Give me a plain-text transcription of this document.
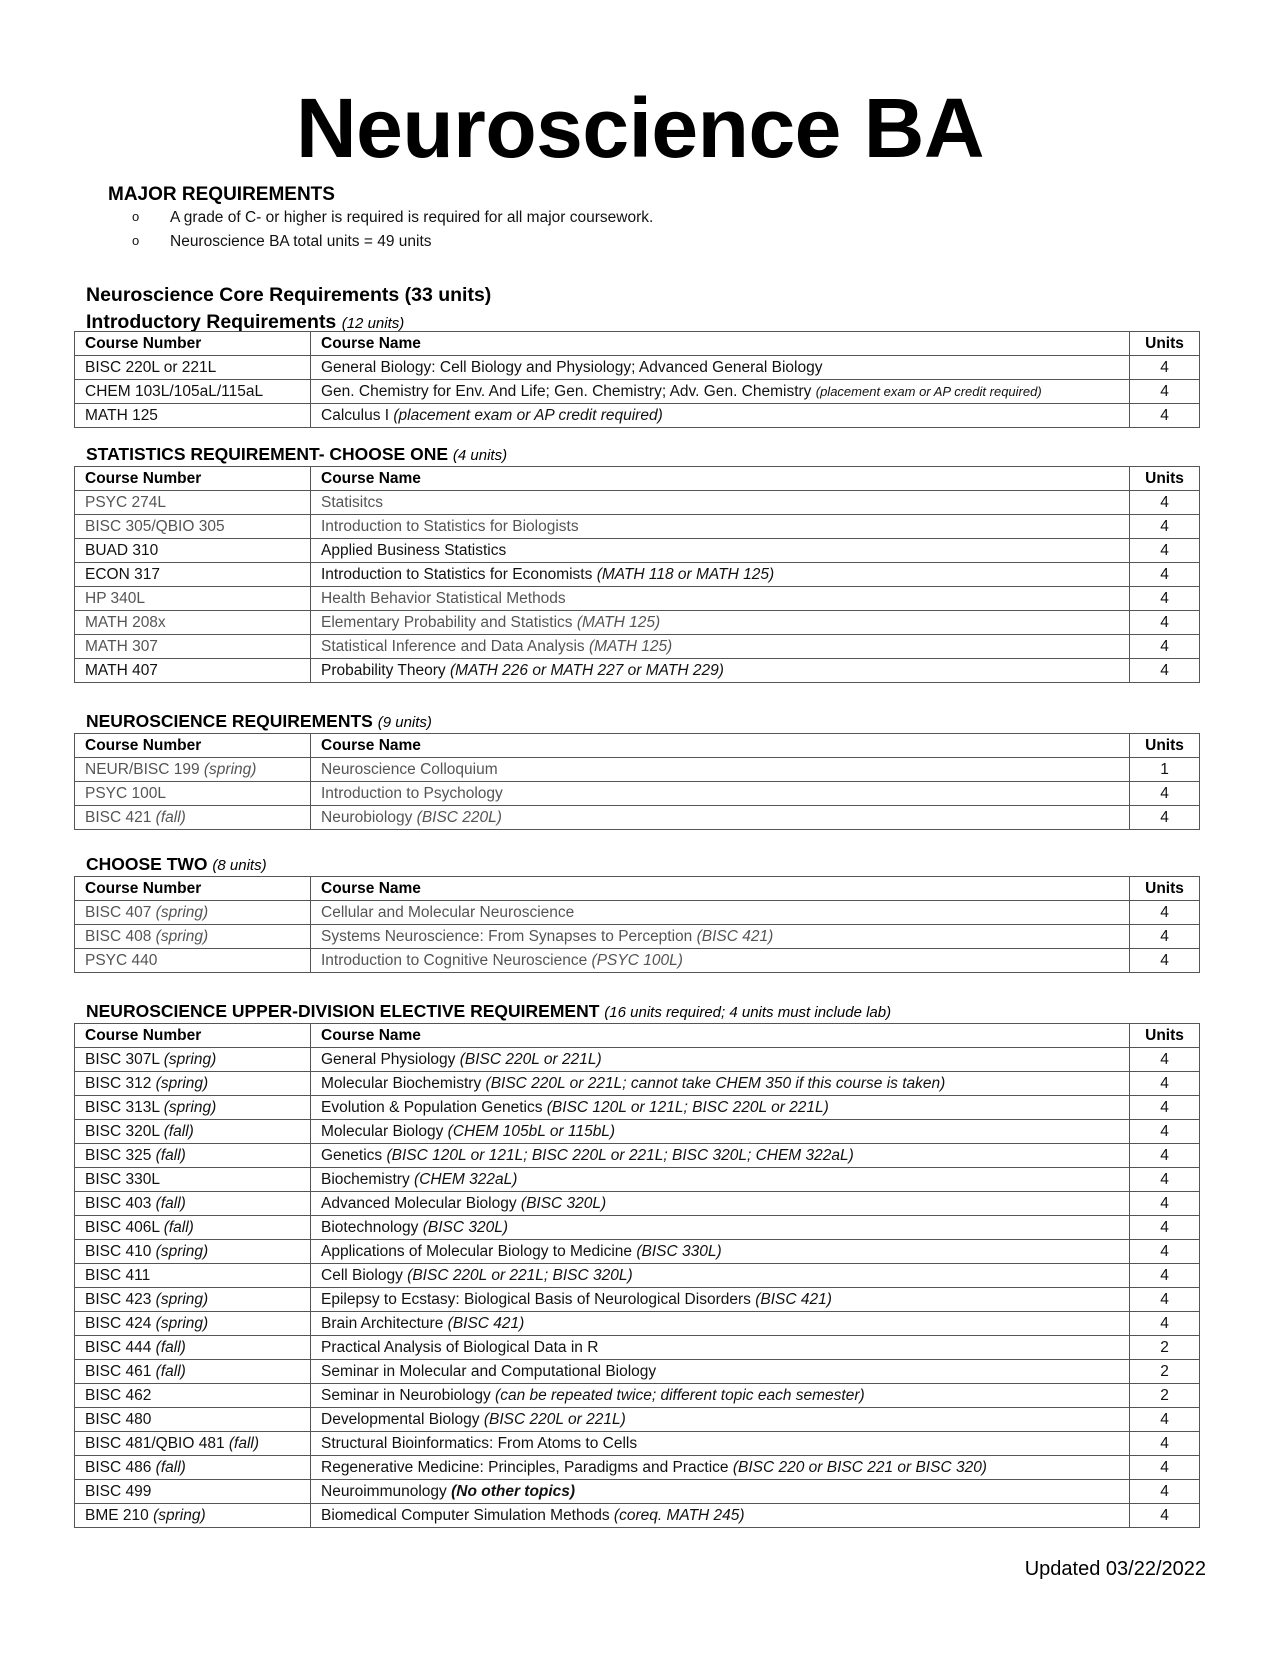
Neuroscience BA
MAJOR REQUIREMENTS
o A grade of C- or higher is required is required for all major coursework.
o Neuroscience BA total units = 49 units
Neuroscience Core Requirements (33 units)
Introductory Requirements (12 units)
Course Number	Course Name	Units
BISC 220L or 221L	General Biology: Cell Biology and Physiology; Advanced General Biology	4
CHEM 103L/105aL/115aL	Gen. Chemistry for Env. And Life; Gen. Chemistry; Adv. Gen. Chemistry (placement exam or AP credit required)	4
MATH 125	Calculus I (placement exam or AP credit required)	4
STATISTICS REQUIREMENT- CHOOSE ONE (4 units)
Course Number	Course Name	Units
PSYC 274L	Statisitcs	4
BISC 305/QBIO 305	Introduction to Statistics for Biologists	4
BUAD 310	Applied Business Statistics	4
ECON 317	Introduction to Statistics for Economists (MATH 118 or MATH 125)	4
HP 340L	Health Behavior Statistical Methods	4
MATH 208x	Elementary Probability and Statistics (MATH 125)	4
MATH 307	Statistical Inference and Data Analysis (MATH 125)	4
MATH 407	Probability Theory (MATH 226 or MATH 227 or MATH 229)	4
NEUROSCIENCE REQUIREMENTS (9 units)
Course Number	Course Name	Units
NEUR/BISC 199 (spring)	Neuroscience Colloquium	1
PSYC 100L	Introduction to Psychology	4
BISC 421 (fall)	Neurobiology (BISC 220L)	4
CHOOSE TWO (8 units)
Course Number	Course Name	Units
BISC 407 (spring)	Cellular and Molecular Neuroscience	4
BISC 408 (spring)	Systems Neuroscience: From Synapses to Perception (BISC 421)	4
PSYC 440	Introduction to Cognitive Neuroscience (PSYC 100L)	4
NEUROSCIENCE UPPER-DIVISION ELECTIVE REQUIREMENT (16 units required; 4 units must include lab)
Course Number	Course Name	Units
BISC 307L (spring)	General Physiology (BISC 220L or 221L)	4
BISC 312 (spring)	Molecular Biochemistry (BISC 220L or 221L; cannot take CHEM 350 if this course is taken)	4
BISC 313L (spring)	Evolution & Population Genetics (BISC 120L or 121L; BISC 220L or 221L)	4
BISC 320L (fall)	Molecular Biology (CHEM 105bL or 115bL)	4
BISC 325 (fall)	Genetics (BISC 120L or 121L; BISC 220L or 221L; BISC 320L; CHEM 322aL)	4
BISC 330L	Biochemistry (CHEM 322aL)	4
BISC 403 (fall)	Advanced Molecular Biology (BISC 320L)	4
BISC 406L (fall)	Biotechnology (BISC 320L)	4
BISC 410 (spring)	Applications of Molecular Biology to Medicine (BISC 330L)	4
BISC 411	Cell Biology (BISC 220L or 221L; BISC 320L)	4
BISC 423 (spring)	Epilepsy to Ecstasy: Biological Basis of Neurological Disorders (BISC 421)	4
BISC 424 (spring)	Brain Architecture (BISC 421)	4
BISC 444 (fall)	Practical Analysis of Biological Data in R	2
BISC 461 (fall)	Seminar in Molecular and Computational Biology	2
BISC 462	Seminar in Neurobiology (can be repeated twice; different topic each semester)	2
BISC 480	Developmental Biology (BISC 220L or 221L)	4
BISC 481/QBIO 481 (fall)	Structural Bioinformatics: From Atoms to Cells	4
BISC 486 (fall)	Regenerative Medicine: Principles, Paradigms and Practice (BISC 220 or BISC 221 or BISC 320)	4
BISC 499	Neuroimmunology (No other topics)	4
BME 210 (spring)	Biomedical Computer Simulation Methods (coreq. MATH 245)	4
Updated 03/22/2022
